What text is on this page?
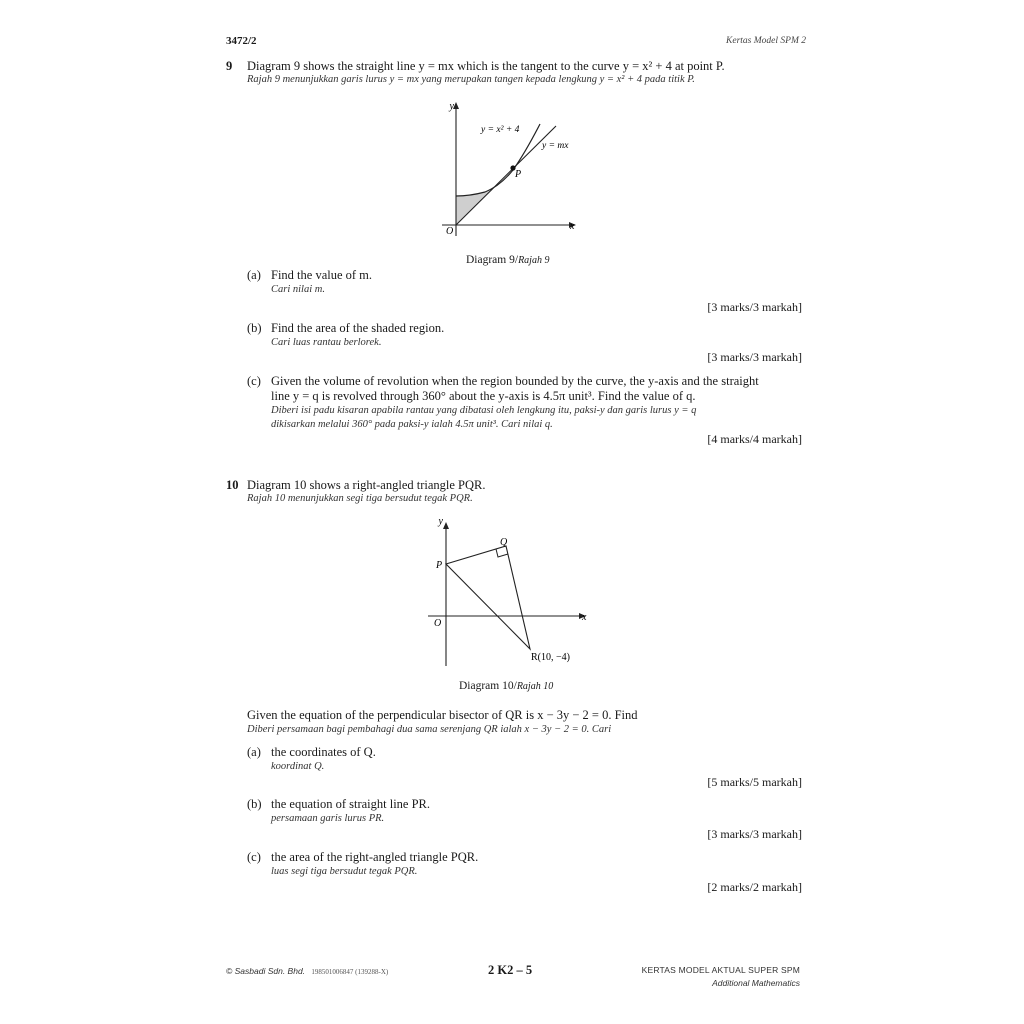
3472/2	Kertas Model SPM 2
9 Diagram 9 shows the straight line y = mx which is the tangent to the curve y = x² + 4 at point P.
Rajah 9 menunjukkan garis lurus y = mx yang merupakan tangen kepada lengkung y = x² + 4 pada titik P.
y
x
O
y = x² + 4
y = mx
P
Diagram 9/Rajah 9
(a) Find the value of m.
Cari nilai m.
[3 marks/3 markah]
(b) Find the area of the shaded region.
Cari luas rantau berlorek.
[3 marks/3 markah]
(c) Given the volume of revolution when the region bounded by the curve, the y-axis and the straight
line y = q is revolved through 360° about the y-axis is 4.5π unit³. Find the value of q.
Diberi isi padu kisaran apabila rantau yang dibatasi oleh lengkung itu, paksi-y dan garis lurus y = q
dikisarkan melalui 360° pada paksi-y ialah 4.5π unit³. Cari nilai q.
[4 marks/4 markah]
10 Diagram 10 shows a right-angled triangle PQR.
Rajah 10 menunjukkan segi tiga bersudut tegak PQR.
y
x
O
P
Q
R(10, −4)
Diagram 10/Rajah 10
Given the equation of the perpendicular bisector of QR is x − 3y − 2 = 0. Find
Diberi persamaan bagi pembahagi dua sama serenjang QR ialah x − 3y − 2 = 0. Cari
(a) the coordinates of Q.
koordinat Q.
[5 marks/5 markah]
(b) the equation of straight line PR.
persamaan garis lurus PR.
[3 marks/3 markah]
(c) the area of the right-angled triangle PQR.
luas segi tiga bersudut tegak PQR.
[2 marks/2 markah]
© Sasbadi Sdn. Bhd. 198501006847 (139288-X)	2 K2 – 5	KERTAS MODEL AKTUAL SUPER SPM
Additional Mathematics
